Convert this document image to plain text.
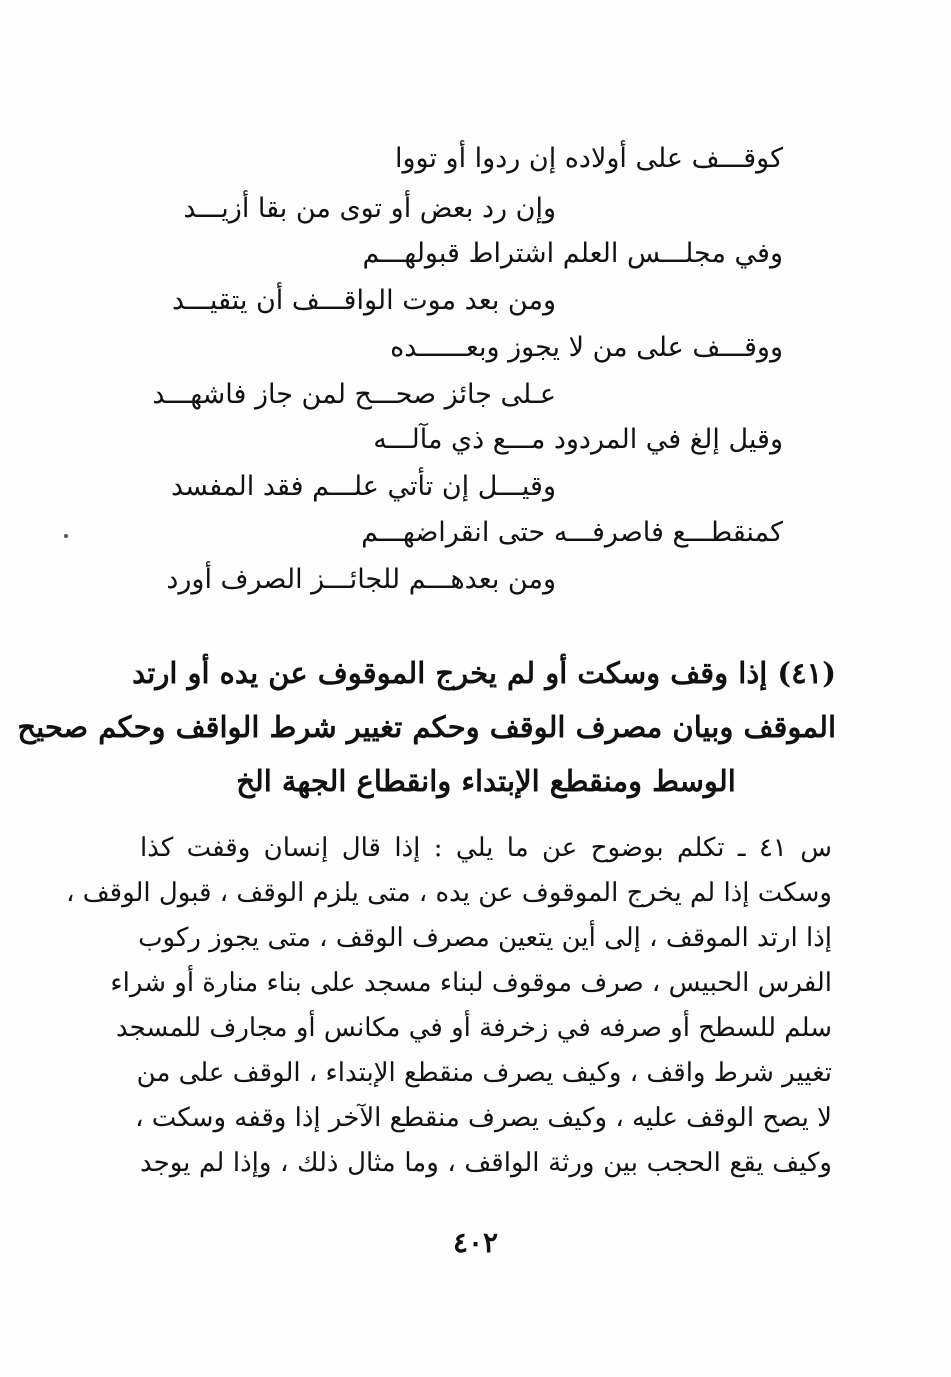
كوقـــف على أولاده إن ردوا أو تووا
وإن رد بعض أو توى من بقا أزيـــد
وفي مجلـــس العلم اشتراط قبولهـــم
ومن بعد موت الواقـــف أن يتقيـــد
ووقـــف على من لا يجوز وبعــــــده
عـلى جائز صحـــح لمن جاز فاشهـــد
وقيل إلغ في المردود مـــع ذي مآلـــه
وقيـــل إن تأتي علـــم فقد المفسد
كمنقطـــع فاصرفـــه حتى انقراضهـــم
ومن بعدهـــم للجائـــز الصرف أورد
(٤١) إذا وقف وسكت أو لم يخرج الموقوف عن يده أو ارتد
الموقف وبيان مصرف الوقف وحكم تغيير شرط الواقف وحكم صحيح
الوسط ومنقطع الإبتداء وانقطاع الجهة الخ
س ٤١ ـ تكلم بوضوح عن ما يلي : إذا قال إنسان وقفت كذا
وسكت إذا لم يخرج الموقوف عن يده ، متى يلزم الوقف ، قبول الوقف ،
إذا ارتد الموقف ، إلى أين يتعين مصرف الوقف ، متى يجوز ركوب
الفرس الحبيس ، صرف موقوف لبناء مسجد على بناء منارة أو شراء
سلم للسطح أو صرفه في زخرفة أو في مكانس أو مجارف للمسجد
تغيير شرط واقف ، وكيف يصرف منقطع الإبتداء ، الوقف على من
لا يصح الوقف عليه ، وكيف يصرف منقطع الآخر إذا وقفه وسكت ،
وكيف يقع الحجب بين ورثة الواقف ، وما مثال ذلك ، وإذا لم يوجد
٤٠٢
